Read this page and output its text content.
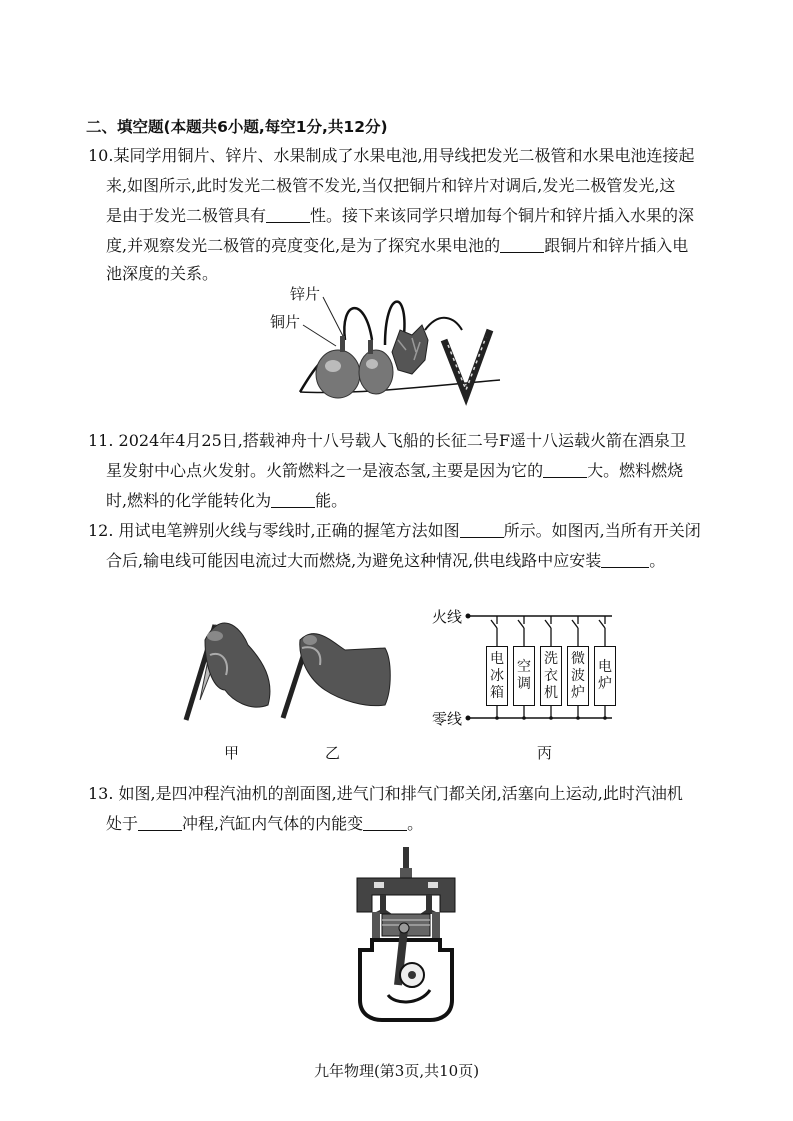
二、填空题(本题共6小题,每空1分,共12分)
10.某同学用铜片、锌片、水果制成了水果电池,用导线把发光二极管和水果电池连接起
来,如图所示,此时发光二极管不发光,当仅把铜片和锌片对调后,发光二极管发光,这
是由于发光二极管具有	性。接下来该同学只增加每个铜片和锌片插入水果的深
度,并观察发光二极管的亮度变化,是为了探究水果电池的	跟铜片和锌片插入电
池深度的关系。
锌片
铜片
11. 2024年4月25日,搭载神舟十八号载人飞船的长征二号F遥十八运载火箭在酒泉卫
星发射中心点火发射。火箭燃料之一是液态氢,主要是因为它的	大。燃料燃烧
时,燃料的化学能转化为	能。
12. 用试电笔辨别火线与零线时,正确的握笔方法如图	所示。如图丙,当所有开关闭
合后,输电线可能因电流过大而燃烧,为避免这种情况,供电线路中应安装	。
火线
零线
电冰箱
空调
洗衣机
微波炉
电炉
甲	乙	丙
13. 如图,是四冲程汽油机的剖面图,进气门和排气门都关闭,活塞向上运动,此时汽油机
处于	冲程,汽缸内气体的内能变	。
九年物理(第3页,共10页)
